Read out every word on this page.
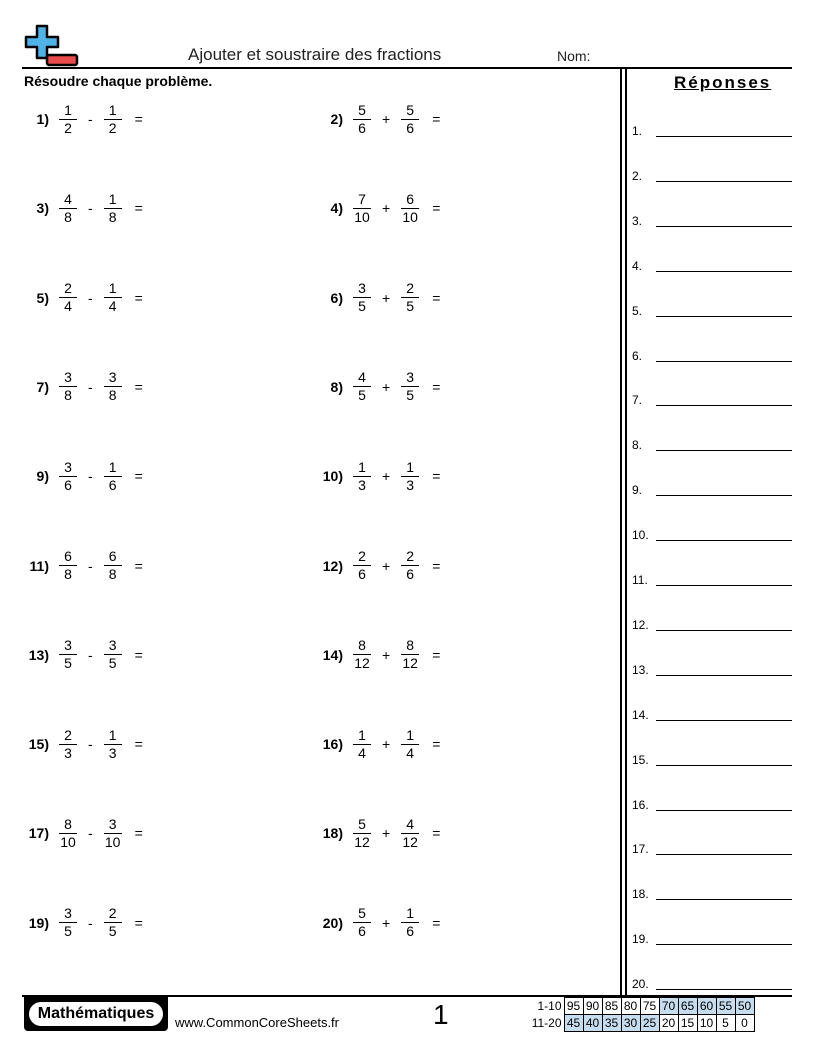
Ajouter et soustraire des fractions	Nom:
Résoudre chaque problème.
$1) \frac{1}{2} - \frac{1}{2}$ =	$2) \frac{5}{6} + \frac{5}{6}$ =
$3) \frac{4}{8} - \frac{1}{8}$ =	$4) \frac{7}{10} + \frac{6}{10}$ =
$5) \frac{2}{4} - \frac{1}{4}$ =	$6) \frac{3}{5} + \frac{2}{5}$ =
$7) \frac{3}{8} - \frac{3}{8}$ =	$8) \frac{4}{5} + \frac{3}{5}$ =
$9) \frac{3}{6} - \frac{1}{6}$ =	$10) \frac{1}{3} + \frac{1}{3}$ =
$11) \frac{6}{8} - \frac{6}{8}$ =	$12) \frac{2}{6} + \frac{2}{6}$ =
$13) \frac{3}{5} - \frac{3}{5}$ =	$14) \frac{8}{12} + \frac{8}{12}$ =
$15) \frac{2}{3} - \frac{1}{3}$ =	$16) \frac{1}{4} + \frac{1}{4}$ =
$17) \frac{8}{10} - \frac{3}{10}$ =	$18) \frac{5}{12} + \frac{4}{12}$ =
$19) \frac{3}{5} - \frac{2}{5}$ =	$20) \frac{5}{6} + \frac{1}{6}$ =
Réponses
1.
2.
3.
4.
5.
6.
7.
8.
9.
10.
11.
12.
13.
14.
15.
16.
17.
18.
19.
20.
Mathématiques
www.CommonCoreSheets.fr	1	1-10	95	90	85	80	75	70	65	60	55	50
11-20	45	40	35	30	25	20	15	10	5	0
